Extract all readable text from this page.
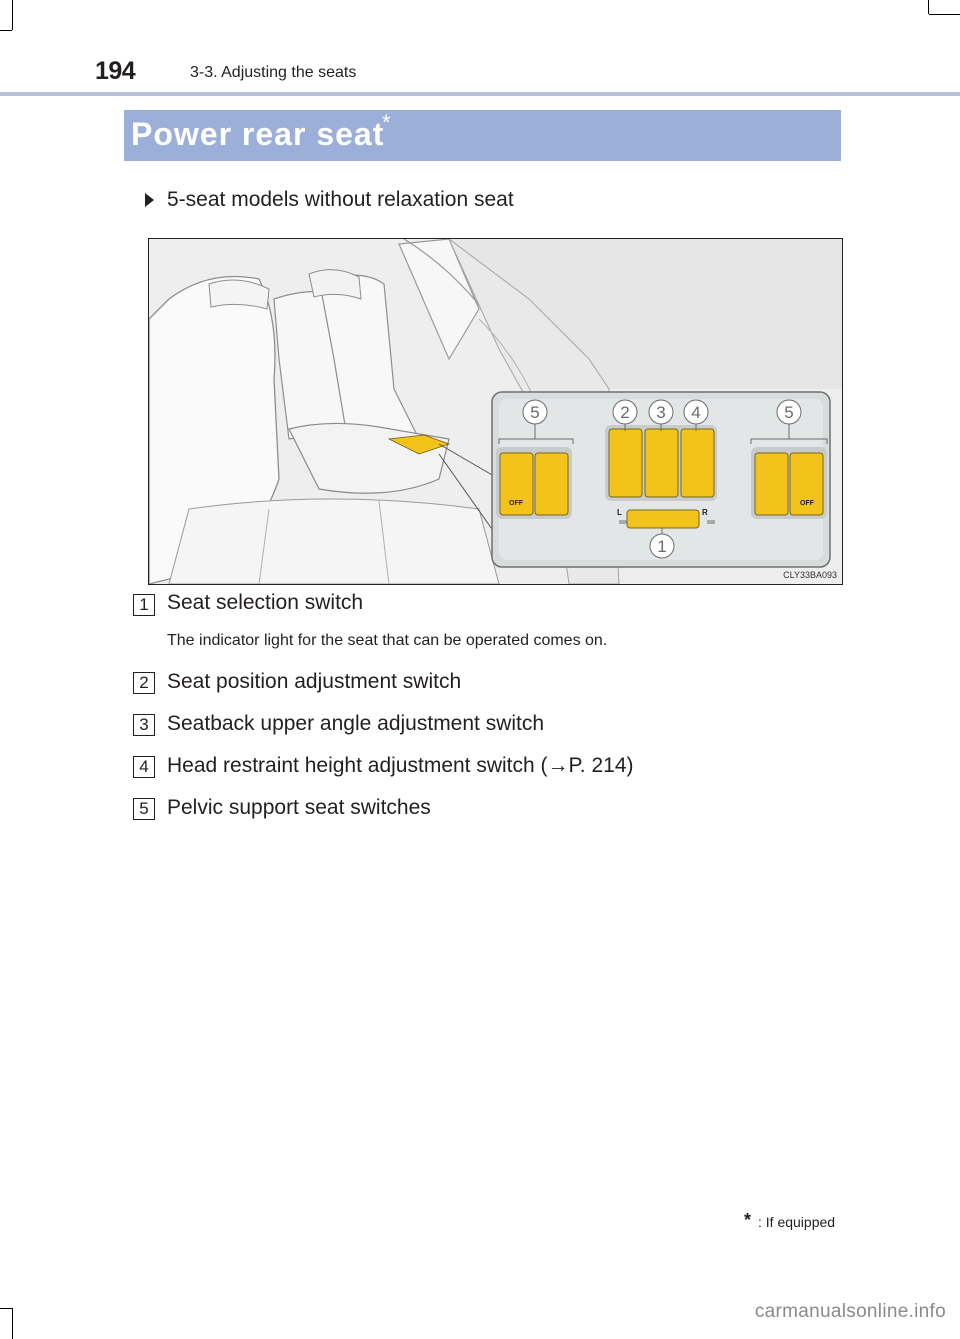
194	3-3. Adjusting the seats
Power rear seat
*
5-seat models without relaxation seat
OFF
L	R
OFF
5	2 3 4	5
1
CLY33BA093
1 Seat selection switch
The indicator light for the seat that can be operated comes on.
2 Seat position adjustment switch
3 Seatback upper angle adjustment switch
4 Head restraint height adjustment switch (→P. 214)
5 Pelvic support seat switches
* : If equipped
carmanualsonline.info
